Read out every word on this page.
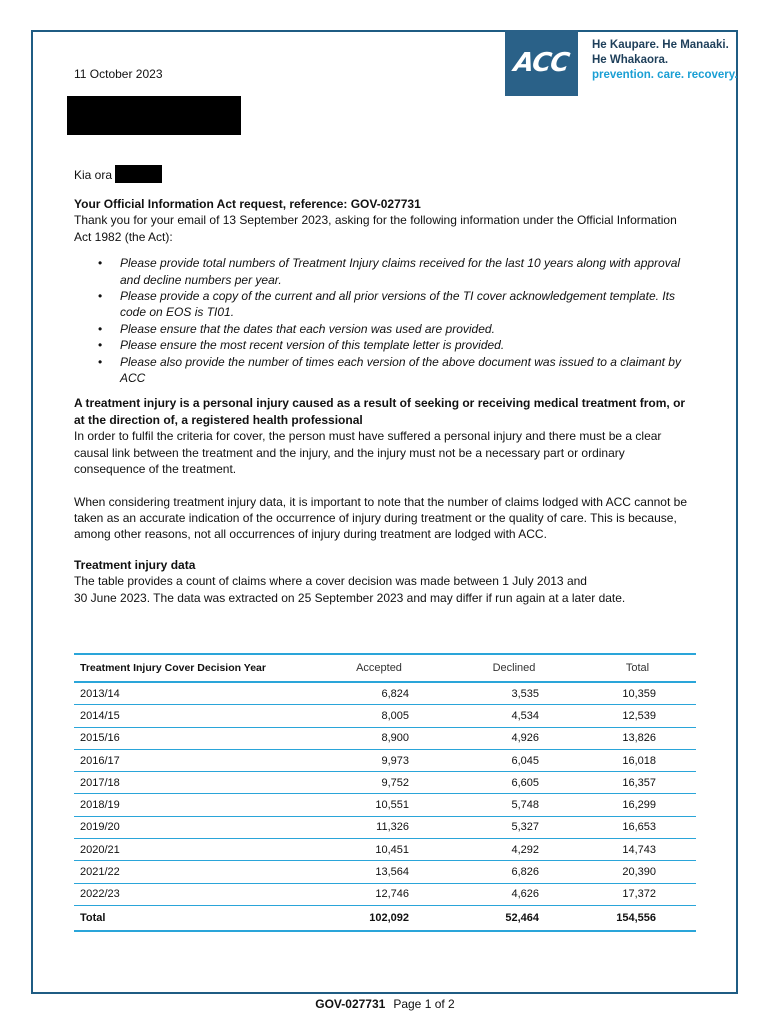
ACC
He Kaupare. He Manaaki.
He Whakaora.
prevention. care. recovery.
11 October 2023
Kia ora

Your Official Information Act request, reference: GOV-027731

Thank you for your email of 13 September 2023, asking for the following information under the Official Information Act 1982 (the Act):

• Please provide total numbers of Treatment Injury claims received for the last 10 years along with approval and decline numbers per year.
• Please provide a copy of the current and all prior versions of the TI cover acknowledgement template. Its code on EOS is TI01.
• Please ensure that the dates that each version was used are provided.
• Please ensure the most recent version of this template letter is provided.
• Please also provide the number of times each version of the above document was issued to a claimant by ACC

A treatment injury is a personal injury caused as a result of seeking or receiving medical treatment from, or at the direction of, a registered health professional

In order to fulfil the criteria for cover, the person must have suffered a personal injury and there must be a clear causal link between the treatment and the injury, and the injury must not be a necessary part or ordinary consequence of the treatment.

When considering treatment injury data, it is important to note that the number of claims lodged with ACC cannot be taken as an accurate indication of the occurrence of injury during treatment or the quality of care. This is because, among other reasons, not all occurrences of injury during treatment are lodged with ACC.

Treatment injury data

The table provides a count of claims where a cover decision was made between 1 July 2013 and

30 June 2023. The data was extracted on 25 September 2023 and may differ if run again at a later date.

Treatment Injury Cover Decision Year	Accepted	Declined	Total
2013/14	6,824	3,535	10,359
2014/15	8,005	4,534	12,539
2015/16	8,900	4,926	13,826
2016/17	9,973	6,045	16,018
2017/18	9,752	6,605	16,357
2018/19	10,551	5,748	16,299
2019/20	11,326	5,327	16,653
2020/21	10,451	4,292	14,743
2021/22	13,564	6,826	20,390
2022/23	12,746	4,626	17,372
Total	102,092	52,464	154,556
GOV-027731 Page 1 of 2
